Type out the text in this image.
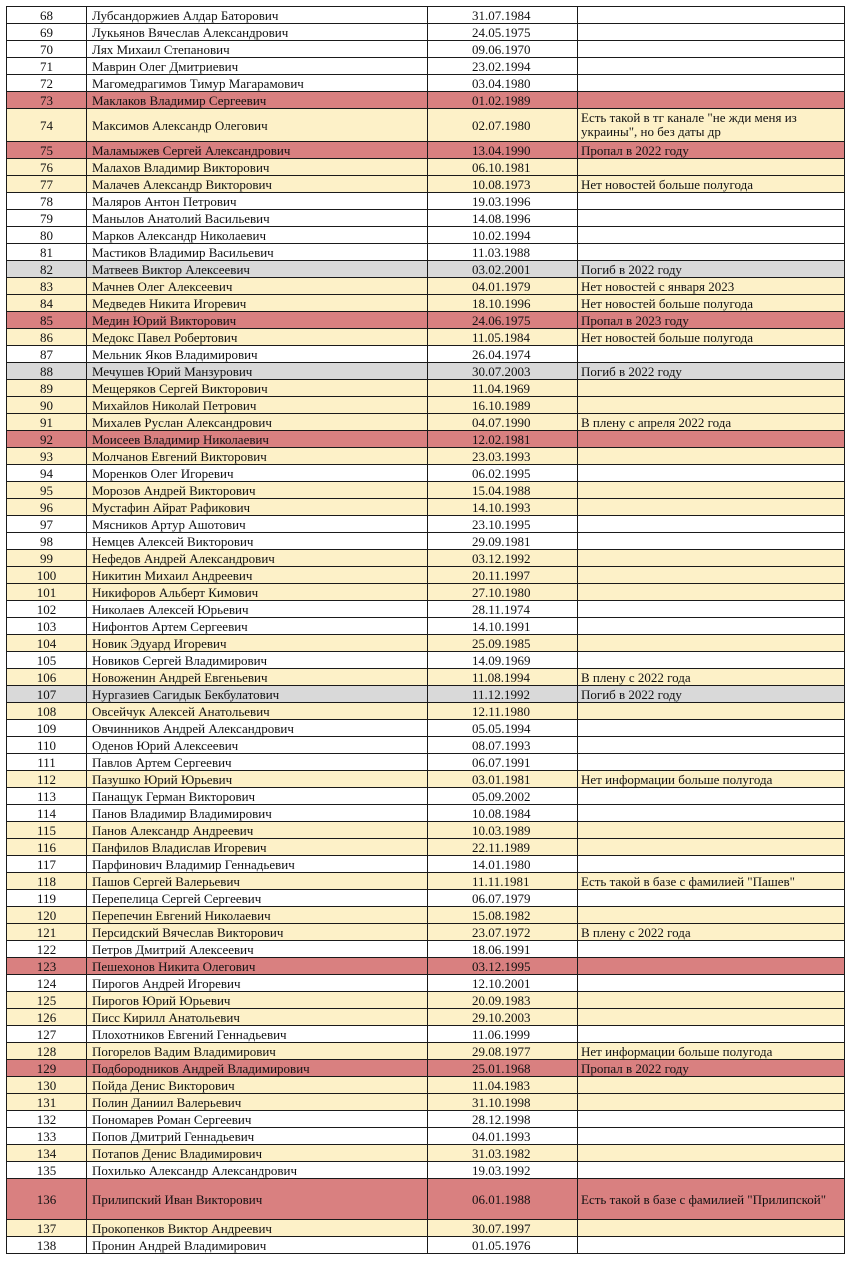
68	Лубсандоржиев Алдар Баторович	31.07.1984	
69	Лукьянов Вячеслав Александрович	24.05.1975	
70	Лях Михаил Степанович	09.06.1970	
71	Маврин Олег Дмитриевич	23.02.1994	
72	Магомедрагимов Тимур Магарамович	03.04.1980	
73	Маклаков Владимир Сергеевич	01.02.1989	
74	Максимов Александр Олегович	02.07.1980	Есть такой в тг канале "не жди меня из украины", но без даты др
75	Маламыжев Сергей Александрович	13.04.1990	Пропал в 2022 году
76	Малахов Владимир Викторович	06.10.1981	
77	Малачев Александр Викторович	10.08.1973	Нет новостей больше полугода
78	Маляров Антон Петрович	19.03.1996	
79	Манылов Анатолий Васильевич	14.08.1996	
80	Марков Александр Николаевич	10.02.1994	
81	Мастиков Владимир Васильевич	11.03.1988	
82	Матвеев Виктор Алексеевич	03.02.2001	Погиб в 2022 году
83	Мачнев Олег Алексеевич	04.01.1979	Нет новостей с января 2023
84	Медведев Никита Игоревич	18.10.1996	Нет новостей больше полугода
85	Медин Юрий Викторович	24.06.1975	Пропал в 2023 году
86	Медокс Павел Робертович	11.05.1984	Нет новостей больше полугода
87	Мельник Яков Владимирович	26.04.1974	
88	Мечушев Юрий Манзурович	30.07.2003	Погиб в 2022 году
89	Мещеряков Сергей Викторович	11.04.1969	
90	Михайлов Николай Петрович	16.10.1989	
91	Михалев Руслан Александрович	04.07.1990	В плену с апреля 2022 года
92	Моисеев Владимир Николаевич	12.02.1981	
93	Молчанов Евгений Викторович	23.03.1993	
94	Моренков Олег Игоревич	06.02.1995	
95	Морозов Андрей Викторович	15.04.1988	
96	Мустафин Айрат Рафикович	14.10.1993	
97	Мясников Артур Ашотович	23.10.1995	
98	Немцев Алексей Викторович	29.09.1981	
99	Нефедов Андрей Александрович	03.12.1992	
100	Никитин Михаил Андреевич	20.11.1997	
101	Никифоров Альберт Кимович	27.10.1980	
102	Николаев Алексей Юрьевич	28.11.1974	
103	Нифонтов Артем Сергеевич	14.10.1991	
104	Новик Эдуард Игоревич	25.09.1985	
105	Новиков Сергей Владимирович	14.09.1969	
106	Новоженин Андрей Евгеньевич	11.08.1994	В плену с 2022 года
107	Нургазиев Сагидык Бекбулатович	11.12.1992	Погиб в 2022 году
108	Овсейчук Алексей Анатольевич	12.11.1980	
109	Овчинников Андрей Александрович	05.05.1994	
110	Оденов Юрий Алексеевич	08.07.1993	
111	Павлов Артем Сергеевич	06.07.1991	
112	Пазушко Юрий Юрьевич	03.01.1981	Нет информации больше полугода
113	Панащук Герман Викторович	05.09.2002	
114	Панов Владимир Владимирович	10.08.1984	
115	Панов Александр Андреевич	10.03.1989	
116	Панфилов Владислав Игоревич	22.11.1989	
117	Парфинович Владимир Геннадьевич	14.01.1980	
118	Пашов Сергей Валерьевич	11.11.1981	Есть такой в базе с фамилией "Пашев"
119	Перепелица Сергей Сергеевич	06.07.1979	
120	Перепечин Евгений Николаевич	15.08.1982	
121	Персидский Вячеслав Викторович	23.07.1972	В плену с 2022 года
122	Петров Дмитрий Алексеевич	18.06.1991	
123	Пешехонов Никита Олегович	03.12.1995	
124	Пирогов Андрей Игоревич	12.10.2001	
125	Пирогов Юрий Юрьевич	20.09.1983	
126	Писс Кирилл Анатольевич	29.10.2003	
127	Плохотников Евгений Геннадьевич	11.06.1999	
128	Погорелов Вадим Владимирович	29.08.1977	Нет информации больше полугода
129	Подбородников Андрей Владимирович	25.01.1968	Пропал в 2022 году
130	Пойда Денис Викторович	11.04.1983	
131	Полин Даниил Валерьевич	31.10.1998	
132	Пономарев Роман Сергеевич	28.12.1998	
133	Попов Дмитрий Геннадьевич	04.01.1993	
134	Потапов Денис Владимирович	31.03.1982	
135	Похилько Александр Александрович	19.03.1992	
136	Прилипский Иван Викторович	06.01.1988	Есть такой в базе с фамилией "Прилипской"
137	Прокопенков Виктор Андреевич	30.07.1997	
138	Пронин Андрей Владимирович	01.05.1976	
